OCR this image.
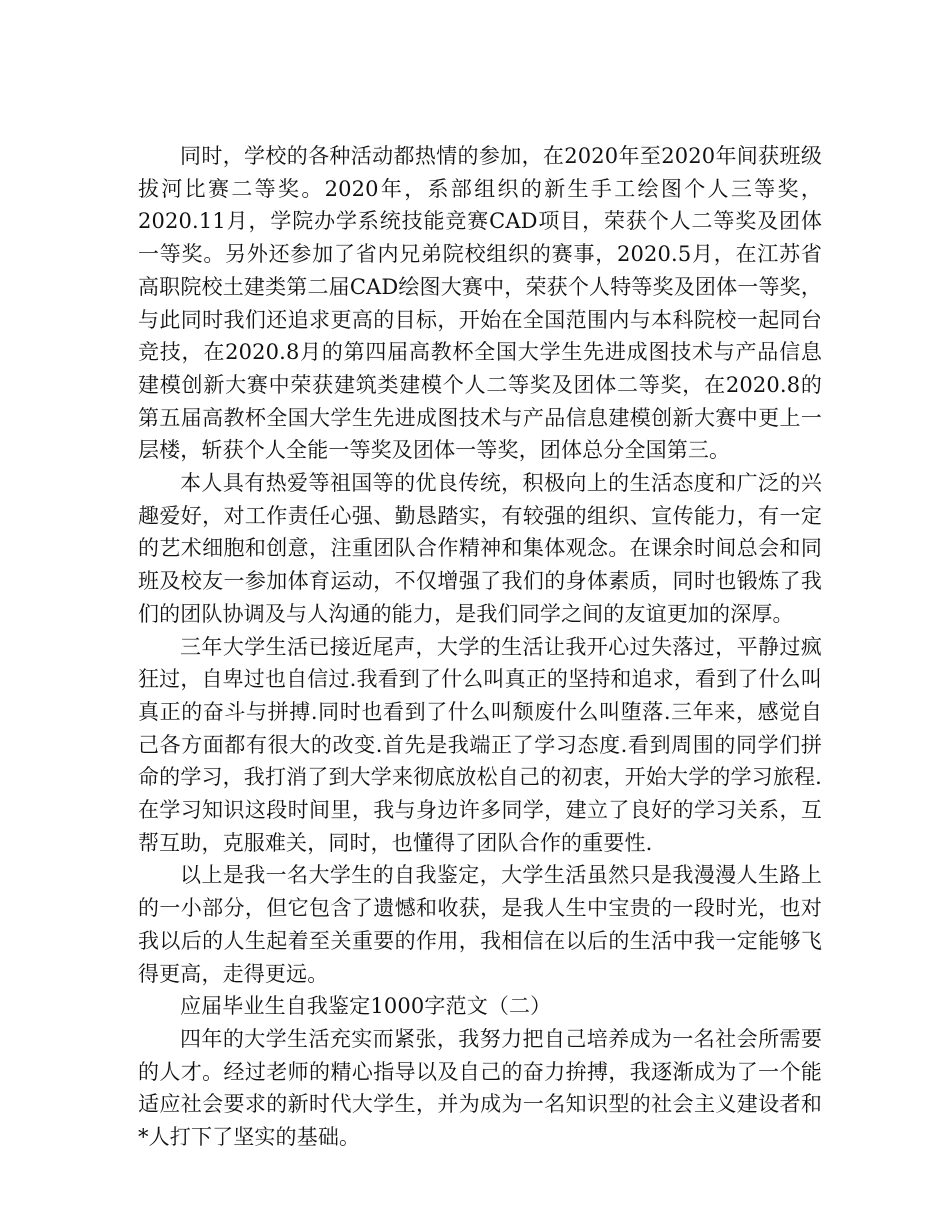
同时，学校的各种活动都热情的参加，在2020年至2020年间获班级拔河比赛二等奖。2020年，系部组织的新生手工绘图个人三等奖，2020.11月，学院办学系统技能竞赛CAD项目，荣获个人二等奖及团体一等奖。另外还参加了省内兄弟院校组织的赛事，2020.5月，在江苏省高职院校土建类第二届CAD绘图大赛中，荣获个人特等奖及团体一等奖，与此同时我们还追求更高的目标，开始在全国范围内与本科院校一起同台竞技，在2020.8月的第四届高教杯全国大学生先进成图技术与产品信息建模创新大赛中荣获建筑类建模个人二等奖及团体二等奖，在2020.8的第五届高教杯全国大学生先进成图技术与产品信息建模创新大赛中更上一层楼，斩获个人全能一等奖及团体一等奖，团体总分全国第三。

本人具有热爱等祖国等的优良传统，积极向上的生活态度和广泛的兴趣爱好，对工作责任心强、勤恳踏实，有较强的组织、宣传能力，有一定的艺术细胞和创意，注重团队合作精神和集体观念。在课余时间总会和同班及校友一参加体育运动，不仅增强了我们的身体素质，同时也锻炼了我们的团队协调及与人沟通的能力，是我们同学之间的友谊更加的深厚。

三年大学生活已接近尾声，大学的生活让我开心过失落过，平静过疯狂过，自卑过也自信过.我看到了什么叫真正的坚持和追求，看到了什么叫真正的奋斗与拼搏.同时也看到了什么叫颓废什么叫堕落.三年来，感觉自己各方面都有很大的改变.首先是我端正了学习态度.看到周围的同学们拼命的学习，我打消了到大学来彻底放松自己的初衷，开始大学的学习旅程.在学习知识这段时间里，我与身边许多同学，建立了良好的学习关系，互帮互助，克服难关，同时，也懂得了团队合作的重要性.

以上是我一名大学生的自我鉴定，大学生活虽然只是我漫漫人生路上的一小部分，但它包含了遗憾和收获，是我人生中宝贵的一段时光，也对我以后的人生起着至关重要的作用，我相信在以后的生活中我一定能够飞得更高，走得更远。

应届毕业生自我鉴定1000字范文（二）

四年的大学生活充实而紧张，我努力把自己培养成为一名社会所需要的人才。经过老师的精心指导以及自己的奋力拚搏，我逐渐成为了一个能适应社会要求的新时代大学生，并为成为一名知识型的社会主义建设者和*人打下了坚实的基础。
